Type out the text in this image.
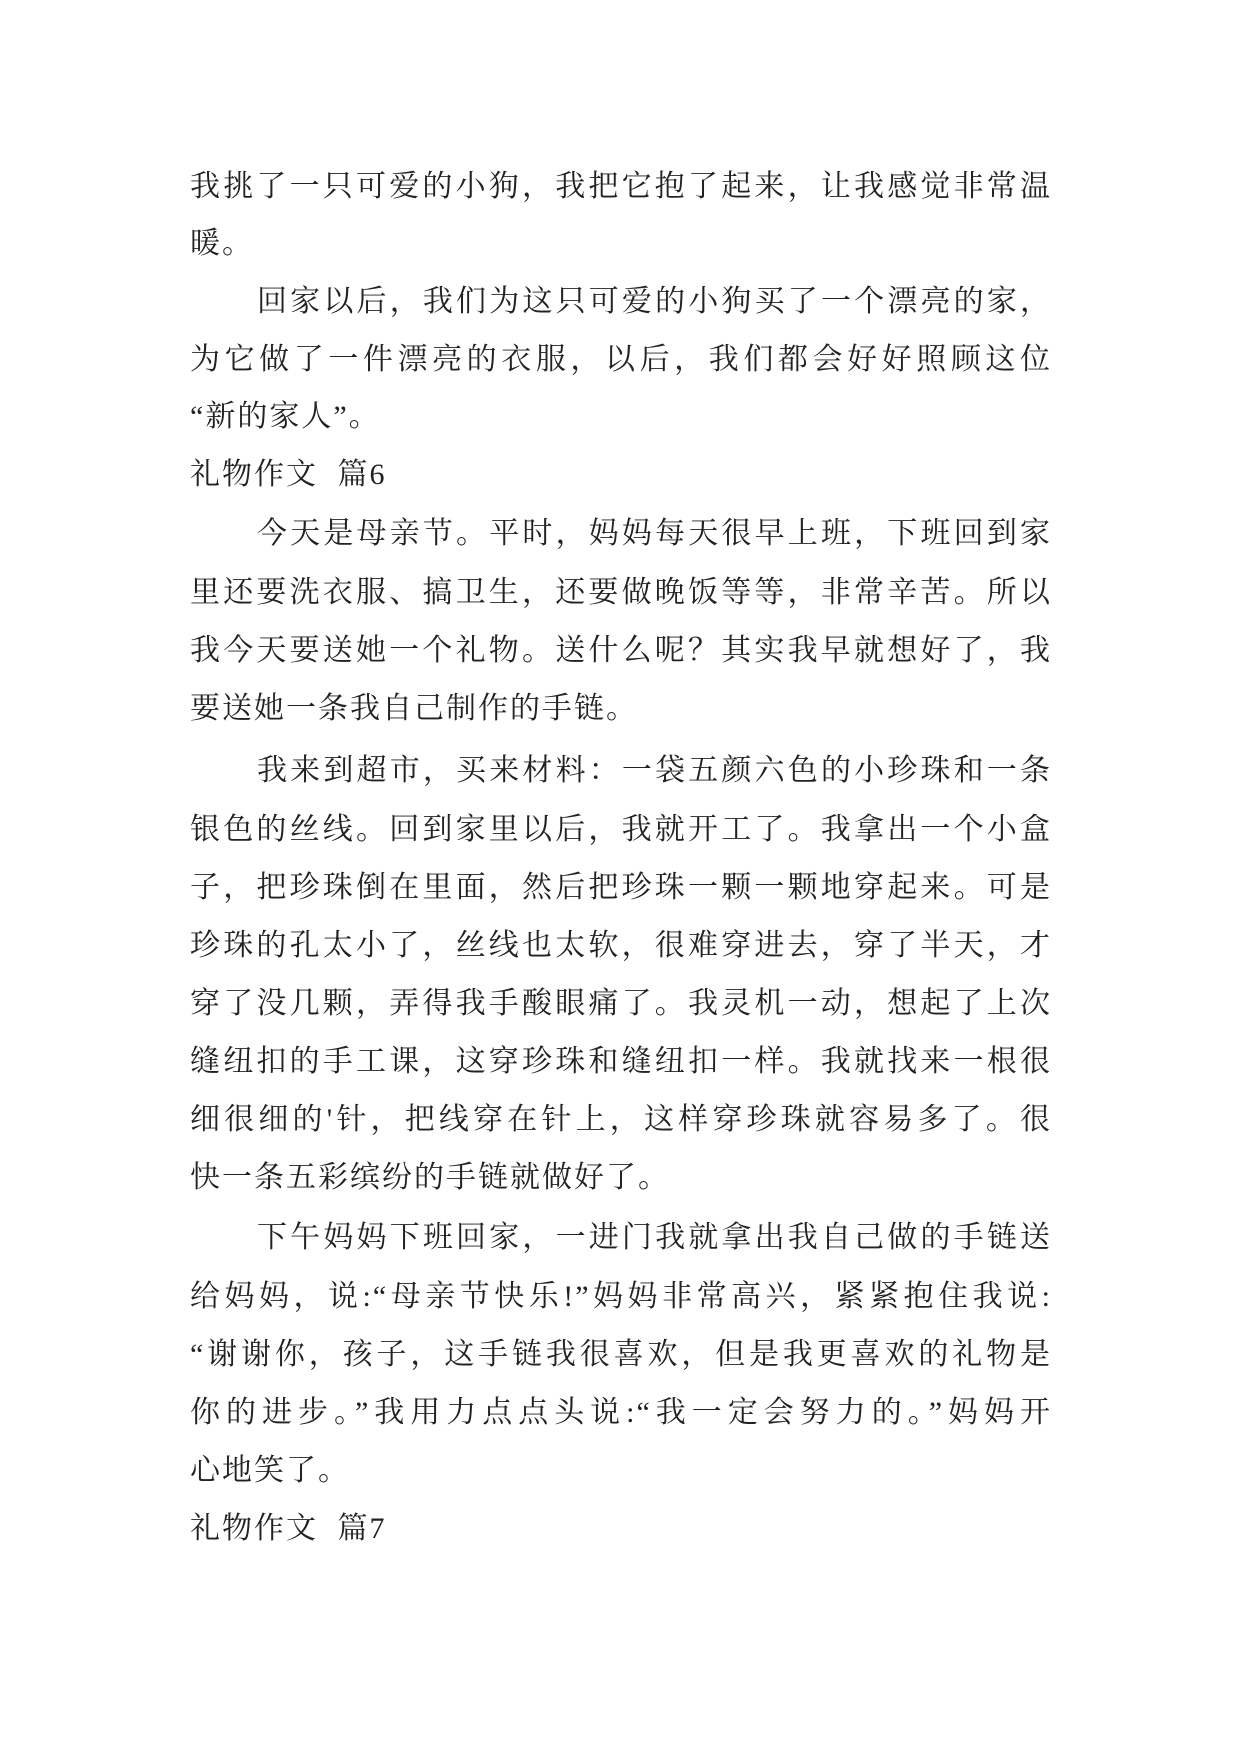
我挑了一只可爱的小狗，我把它抱了起来，让我感觉非常温
暖。
回家以后，我们为这只可爱的小狗买了一个漂亮的家，
为它做了一件漂亮的衣服，以后，我们都会好好照顾这位
“新的家人”。
礼物作文 篇6
今天是母亲节。平时，妈妈每天很早上班，下班回到家
里还要洗衣服、搞卫生，还要做晚饭等等，非常辛苦。所以
我今天要送她一个礼物。送什么呢？其实我早就想好了，我
要送她一条我自己制作的手链。
我来到超市，买来材料：一袋五颜六色的小珍珠和一条
银色的丝线。回到家里以后，我就开工了。我拿出一个小盒
子，把珍珠倒在里面，然后把珍珠一颗一颗地穿起来。可是
珍珠的孔太小了，丝线也太软，很难穿进去，穿了半天，才
穿了没几颗，弄得我手酸眼痛了。我灵机一动，想起了上次
缝纽扣的手工课，这穿珍珠和缝纽扣一样。我就找来一根很
细很细的'针，把线穿在针上，这样穿珍珠就容易多了。很
快一条五彩缤纷的手链就做好了。
下午妈妈下班回家，一进门我就拿出我自己做的手链送
给妈妈，说:“母亲节快乐!”妈妈非常高兴，紧紧抱住我说:
“谢谢你，孩子，这手链我很喜欢，但是我更喜欢的礼物是
你的进步。”我用力点点头说:“我一定会努力的。”妈妈开
心地笑了。
礼物作文 篇7
